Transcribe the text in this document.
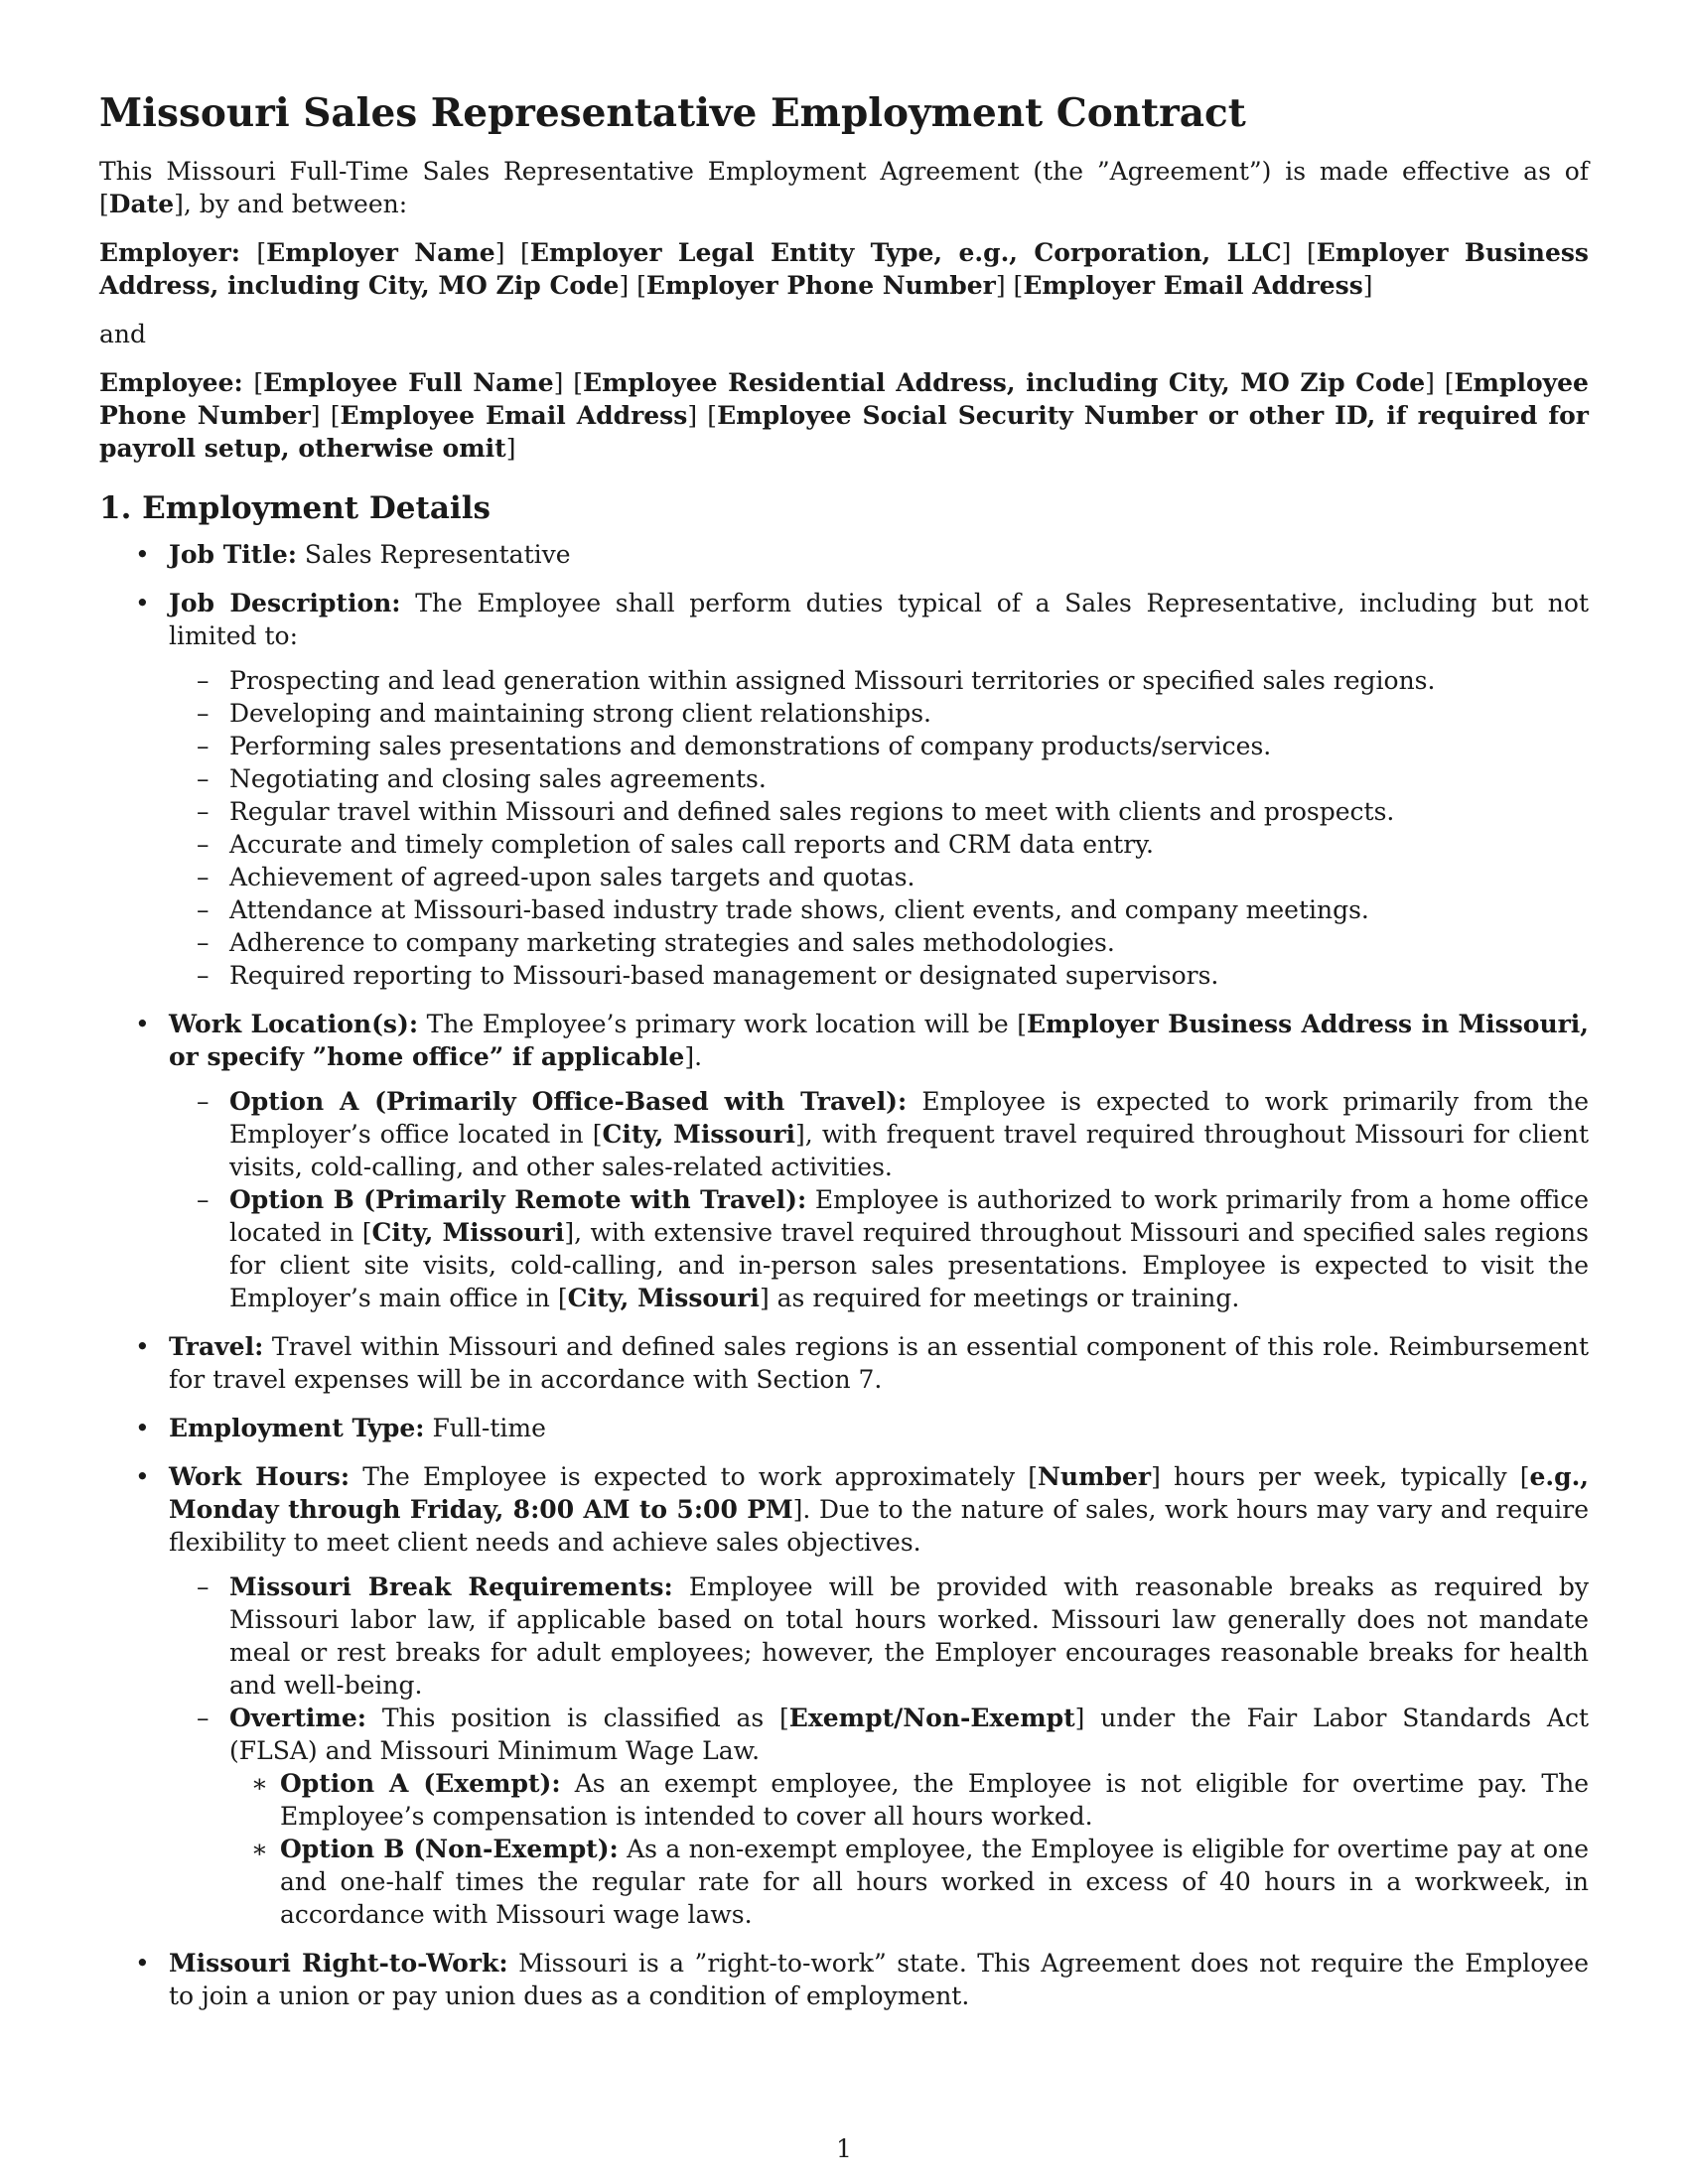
Missouri Sales Representative Employment Contract

This Missouri Full-Time Sales Representative Employment Agreement (the ”Agreement”) is made effective as of [Date], by and between:

Employer: [Employer Name] [Employer Legal Entity Type, e.g., Corporation, LLC] [Employer Business Address, including City, MO Zip Code] [Employer Phone Number] [Employer Email Address]

and

Employee: [Employee Full Name] [Employee Residential Address, including City, MO Zip Code] [Employee Phone Number] [Employee Email Address] [Employee Social Security Number or other ID, if required for payroll setup, otherwise omit]

1. Employment Details
• Job Title: Sales Representative
• Job Description: The Employee shall perform duties typical of a Sales Representative, including but not limited to:
– Prospecting and lead generation within assigned Missouri territories or specified sales regions.
– Developing and maintaining strong client relationships.
– Performing sales presentations and demonstrations of company products/services.
– Negotiating and closing sales agreements.
– Regular travel within Missouri and defined sales regions to meet with clients and prospects.
– Accurate and timely completion of sales call reports and CRM data entry.
– Achievement of agreed-upon sales targets and quotas.
– Attendance at Missouri-based industry trade shows, client events, and company meetings.
– Adherence to company marketing strategies and sales methodologies.
– Required reporting to Missouri-based management or designated supervisors.
• Work Location(s): The Employee’s primary work location will be [Employer Business Address in Missouri, or specify ”home office” if applicable].
– Option A (Primarily Office-Based with Travel): Employee is expected to work primarily from the Employer’s office located in [City, Missouri], with frequent travel required throughout Missouri for client visits, cold-calling, and other sales-related activities.
– Option B (Primarily Remote with Travel): Employee is authorized to work primarily from a home office located in [City, Missouri], with extensive travel required throughout Missouri and specified sales regions for client site visits, cold-calling, and in-person sales presentations. Employee is expected to visit the Employer’s main office in [City, Missouri] as required for meetings or training.
• Travel: Travel within Missouri and defined sales regions is an essential component of this role. Reimbursement for travel expenses will be in accordance with Section 7.
• Employment Type: Full-time
• Work Hours: The Employee is expected to work approximately [Number] hours per week, typically [e.g., Monday through Friday, 8:00 AM to 5:00 PM]. Due to the nature of sales, work hours may vary and require flexibility to meet client needs and achieve sales objectives.
– Missouri Break Requirements: Employee will be provided with reasonable breaks as required by Missouri labor law, if applicable based on total hours worked. Missouri law generally does not mandate meal or rest breaks for adult employees; however, the Employer encourages reasonable breaks for health and well-being.
– Overtime: This position is classified as [Exempt/Non-Exempt] under the Fair Labor Standards Act (FLSA) and Missouri Minimum Wage Law.
∗ Option A (Exempt): As an exempt employee, the Employee is not eligible for overtime pay. The Employee’s compensation is intended to cover all hours worked.
∗ Option B (Non-Exempt): As a non-exempt employee, the Employee is eligible for overtime pay at one and one-half times the regular rate for all hours worked in excess of 40 hours in a workweek, in accordance with Missouri wage laws.
• Missouri Right-to-Work: Missouri is a ”right-to-work” state. This Agreement does not require the Employee to join a union or pay union dues as a condition of employment.
1
